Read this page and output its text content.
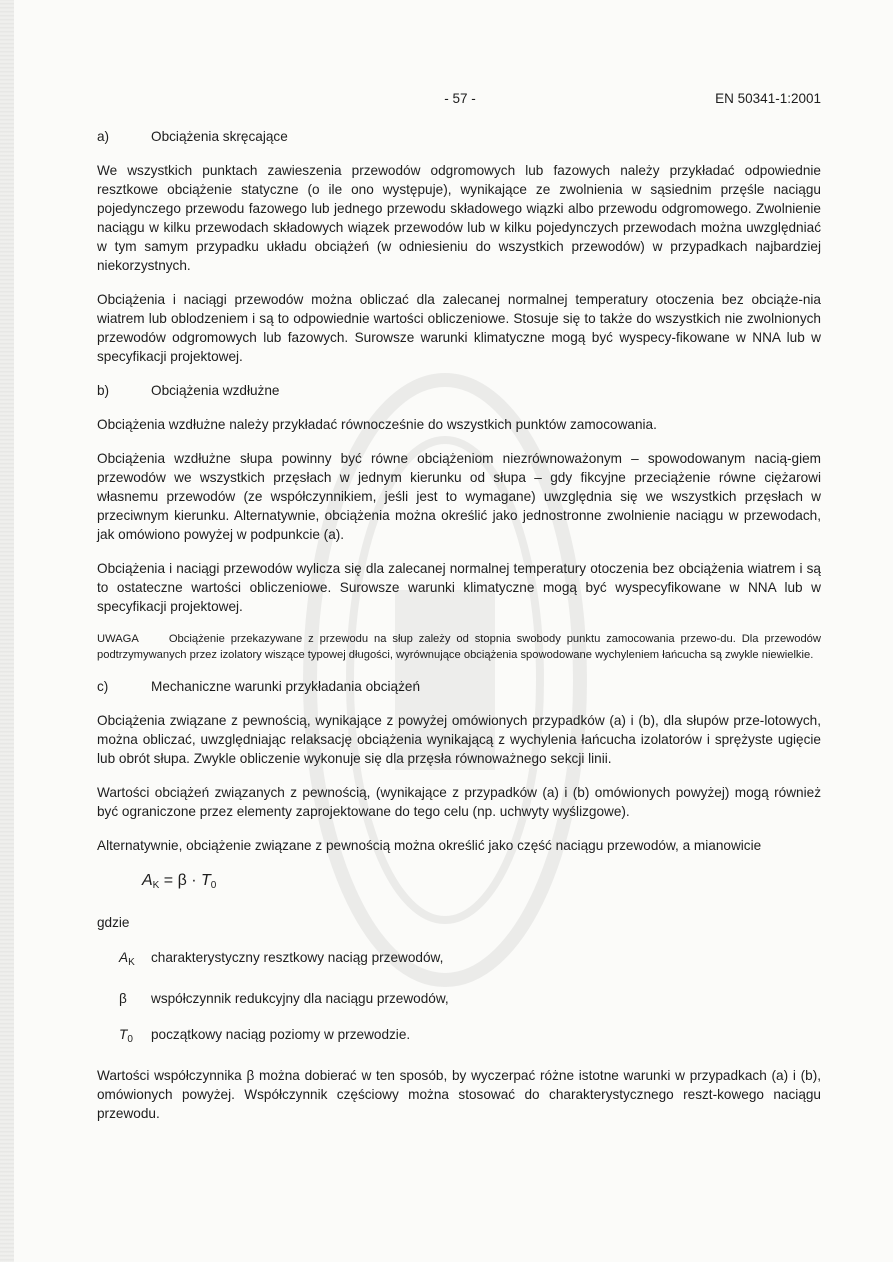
- 57 -	EN 50341-1:2001
a)	Obciążenia skręcające

We wszystkich punktach zawieszenia przewodów odgromowych lub fazowych należy przykładać odpowiednie resztkowe obciążenie statyczne (o ile ono występuje), wynikające ze zwolnienia w sąsiednim przęśle naciągu pojedynczego przewodu fazowego lub jednego przewodu składowego wiązki albo przewodu odgromowego. Zwolnienie naciągu w kilku przewodach składowych wiązek przewodów lub w kilku pojedynczych przewodach można uwzględniać w tym samym przypadku układu obciążeń (w odniesieniu do wszystkich przewodów) w przypadkach najbardziej niekorzystnych.

Obciążenia i naciągi przewodów można obliczać dla zalecanej normalnej temperatury otoczenia bez obciąże-nia wiatrem lub oblodzeniem i są to odpowiednie wartości obliczeniowe. Stosuje się to także do wszystkich nie zwolnionych przewodów odgromowych lub fazowych. Surowsze warunki klimatyczne mogą być wyspecy-fikowane w NNA lub w specyfikacji projektowej.

b)	Obciążenia wzdłużne

Obciążenia wzdłużne należy przykładać równocześnie do wszystkich punktów zamocowania.

Obciążenia wzdłużne słupa powinny być równe obciążeniom niezrównoważonym – spowodowanym nacią-giem przewodów we wszystkich przęsłach w jednym kierunku od słupa – gdy fikcyjne przeciążenie równe ciężarowi własnemu przewodów (ze współczynnikiem, jeśli jest to wymagane) uwzględnia się we wszystkich przęsłach w przeciwnym kierunku. Alternatywnie, obciążenia można określić jako jednostronne zwolnienie naciągu w przewodach, jak omówiono powyżej w podpunkcie (a).

Obciążenia i naciągi przewodów wylicza się dla zalecanej normalnej temperatury otoczenia bez obciążenia wiatrem i są to ostateczne wartości obliczeniowe. Surowsze warunki klimatyczne mogą być wyspecyfikowane w NNA lub w specyfikacji projektowej.

UWAGA	Obciążenie przekazywane z przewodu na słup zależy od stopnia swobody punktu zamocowania przewo-du. Dla przewodów podtrzymywanych przez izolatory wiszące typowej długości, wyrównujące obciążenia spowodowane wychyleniem łańcucha są zwykle niewielkie.

c)	Mechaniczne warunki przykładania obciążeń

Obciążenia związane z pewnością, wynikające z powyżej omówionych przypadków (a) i (b), dla słupów prze-lotowych, można obliczać, uwzględniając relaksację obciążenia wynikającą z wychylenia łańcucha izolatorów i sprężyste ugięcie lub obrót słupa. Zwykle obliczenie wykonuje się dla przęsła równoważnego sekcji linii.

Wartości obciążeń związanych z pewnością, (wynikające z przypadków (a) i (b) omówionych powyżej) mogą również być ograniczone przez elementy zaprojektowane do tego celu (np. uchwyty wyślizgowe).

Alternatywnie, obciążenie związane z pewnością można określić jako część naciągu przewodów, a mianowicie

$A_K = \beta \cdot T_0$
gdzie
$A_K$	charakterystyczny resztkowy naciąg przewodów,
β	współczynnik redukcyjny dla naciągu przewodów,
$T_0$	początkowy naciąg poziomy w przewodzie.

Wartości współczynnika β można dobierać w ten sposób, by wyczerpać różne istotne warunki w przypadkach (a) i (b), omówionych powyżej. Współczynnik częściowy można stosować do charakterystycznego reszt-kowego naciągu przewodu.
